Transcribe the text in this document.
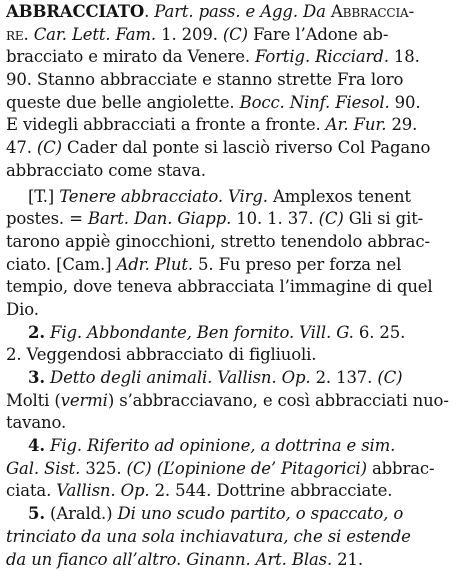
ABBRACCIATO. Part. pass. e Agg. Da Abbraccia-
re. Car. Lett. Fam. 1. 209. (C) Fare l’Adone ab-
bracciato e mirato da Venere. Fortig. Ricciard. 18.
90. Stanno abbracciate e stanno strette Fra loro
queste due belle angiolette. Bocc. Ninf. Fiesol. 90.
E videgli abbracciati a fronte a fronte. Ar. Fur. 29.
47. (C) Cader dal ponte si lasciò riverso Col Pagano
abbracciato come stava.
[T.] Tenere abbracciato. Virg. Amplexos tenent
postes. = Bart. Dan. Giapp. 10. 1. 37. (C) Gli si git-
tarono appiè ginocchioni, stretto tenendolo abbrac-
ciato. [Cam.] Adr. Plut. 5. Fu preso per forza nel
tempio, dove teneva abbracciata l’immagine di quel
Dio.
2. Fig. Abbondante, Ben fornito. Vill. G. 6. 25.
2. Veggendosi abbracciato di figliuoli.
3. Detto degli animali. Vallisn. Op. 2. 137. (C)
Molti (vermi) s’abbracciavano, e così abbracciati nuo-
tavano.
4. Fig. Riferito ad opinione, a dottrina e sim.
Gal. Sist. 325. (C) (L’opinione de’ Pitagorici) abbrac-
ciata. Vallisn. Op. 2. 544. Dottrine abbracciate.
5. (Arald.) Di uno scudo partito, o spaccato, o
trinciato da una sola inchiavatura, che si estende
da un fianco all’altro. Ginann. Art. Blas. 21.
